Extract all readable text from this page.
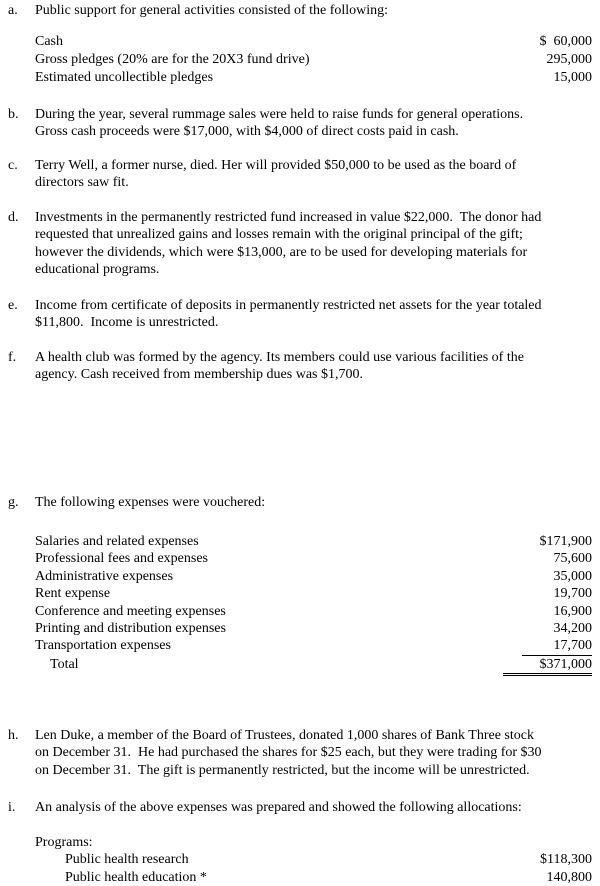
a. Public support for general activities consisted of the following:
Cash	$  60,000
Gross pledges (20% are for the 20X3 fund drive)	295,000
Estimated uncollectible pledges	15,000
b. During the year, several rummage sales were held to raise funds for general operations.
Gross cash proceeds were $17,000, with $4,000 of direct costs paid in cash.
c. Terry Well, a former nurse, died. Her will provided $50,000 to be used as the board of
directors saw fit.
d. Investments in the permanently restricted fund increased in value $22,000.  The donor had
requested that unrealized gains and losses remain with the original principal of the gift;
however the dividends, which were $13,000, are to be used for developing materials for
educational programs.
e. Income from certificate of deposits in permanently restricted net assets for the year totaled
$11,800.  Income is unrestricted.
f. A health club was formed by the agency. Its members could use various facilities of the
agency. Cash received from membership dues was $1,700.
g. The following expenses were vouchered:
Salaries and related expenses	$171,900
Professional fees and expenses	75,600
Administrative expenses	35,000
Rent expense	19,700
Conference and meeting expenses	16,900
Printing and distribution expenses	34,200
Transportation expenses	17,700
Total	$371,000
h. Len Duke, a member of the Board of Trustees, donated 1,000 shares of Bank Three stock
on December 31.  He had purchased the shares for $25 each, but they were trading for $30
on December 31.  The gift is permanently restricted, but the income will be unrestricted.
i. An analysis of the above expenses was prepared and showed the following allocations:
Programs:
Public health research	$118,300
Public health education *	140,800
